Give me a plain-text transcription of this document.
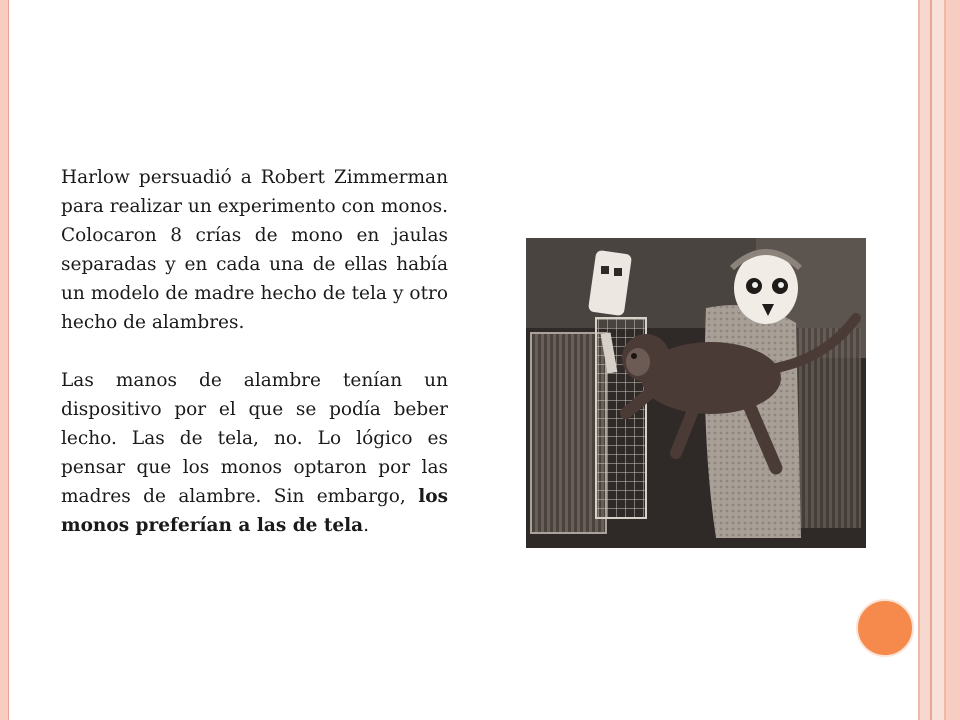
Harlow persuadió a Robert Zimmerman para realizar un experimento con monos. Colocaron 8 crías de mono en jaulas separadas y en cada una de ellas había un modelo de madre hecho de tela y otro hecho de alambres.

Las manos de alambre tenían un dispositivo por el que se podía beber lecho. Las de tela, no. Lo lógico es pensar que los monos optaron por las madres de alambre. Sin embargo, los monos preferían a las de tela.
